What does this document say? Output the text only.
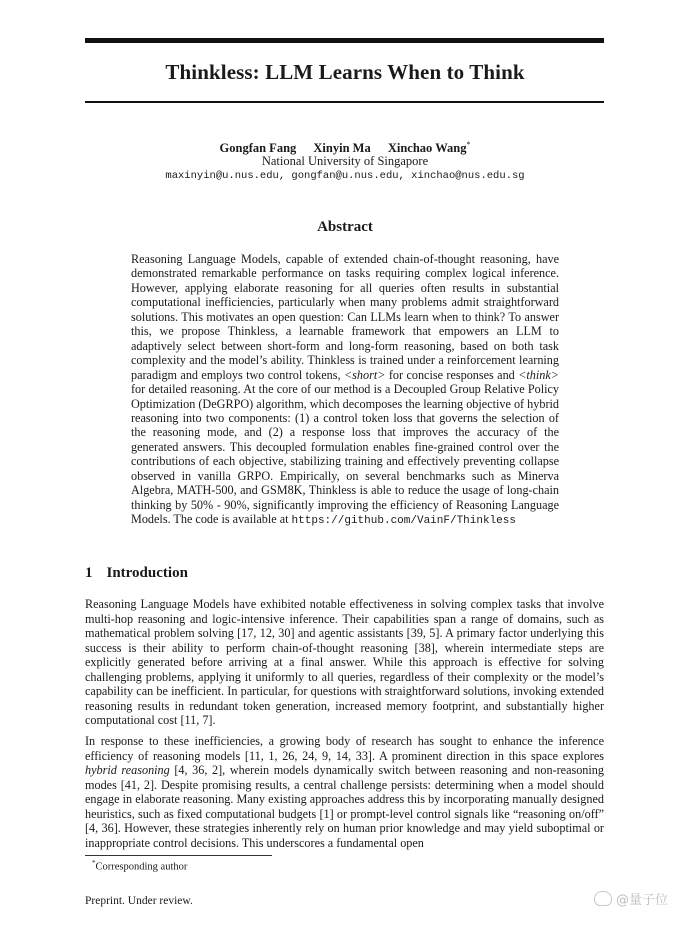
Thinkless: LLM Learns When to Think
Gongfan Fang Xinyin Ma Xinchao Wang*
National University of Singapore
maxinyin@u.nus.edu, gongfan@u.nus.edu, xinchao@nus.edu.sg
Abstract
Reasoning Language Models, capable of extended chain-of-thought reasoning, have demonstrated remarkable performance on tasks requiring complex logical inference. However, applying elaborate reasoning for all queries often results in substantial computational inefficiencies, particularly when many problems admit straightforward solutions. This motivates an open question: Can LLMs learn when to think? To answer this, we propose Thinkless, a learnable framework that empowers an LLM to adaptively select between short-form and long-form reasoning, based on both task complexity and the model’s ability. Thinkless is trained under a reinforcement learning paradigm and employs two control tokens, <short> for concise responses and <think> for detailed reasoning. At the core of our method is a Decoupled Group Relative Policy Optimization (DeGRPO) algorithm, which decomposes the learning objective of hybrid reasoning into two components: (1) a control token loss that governs the selection of the reasoning mode, and (2) a response loss that improves the accuracy of the generated answers. This decoupled formulation enables fine-grained control over the contributions of each objective, stabilizing training and effectively preventing collapse observed in vanilla GRPO. Empirically, on several benchmarks such as Minerva Algebra, MATH-500, and GSM8K, Thinkless is able to reduce the usage of long-chain thinking by 50% - 90%, significantly improving the efficiency of Reasoning Language Models. The code is available at https://github.com/VainF/Thinkless
1 Introduction
Reasoning Language Models have exhibited notable effectiveness in solving complex tasks that involve multi-hop reasoning and logic-intensive inference. Their capabilities span a range of domains, such as mathematical problem solving [17, 12, 30] and agentic assistants [39, 5]. A primary factor underlying this success is their ability to perform chain-of-thought reasoning [38], wherein intermediate steps are explicitly generated before arriving at a final answer. While this approach is effective for solving challenging problems, applying it uniformly to all queries, regardless of their complexity or the model’s capability can be inefficient. In particular, for questions with straightforward solutions, invoking extended reasoning results in redundant token generation, increased memory footprint, and substantially higher computational cost [11, 7].
In response to these inefficiencies, a growing body of research has sought to enhance the inference efficiency of reasoning models [11, 1, 26, 24, 9, 14, 33]. A prominent direction in this space explores hybrid reasoning [4, 36, 2], wherein models dynamically switch between reasoning and non-reasoning modes [41, 2]. Despite promising results, a central challenge persists: determining when a model should engage in elaborate reasoning. Many existing approaches address this by incorporating manually designed heuristics, such as fixed computational budgets [1] or prompt-level control signals like “reasoning on/off” [4, 36]. However, these strategies inherently rely on human prior knowledge and may yield suboptimal or inappropriate control decisions. This underscores a fundamental open
*Corresponding author
Preprint. Under review.	@量子位
